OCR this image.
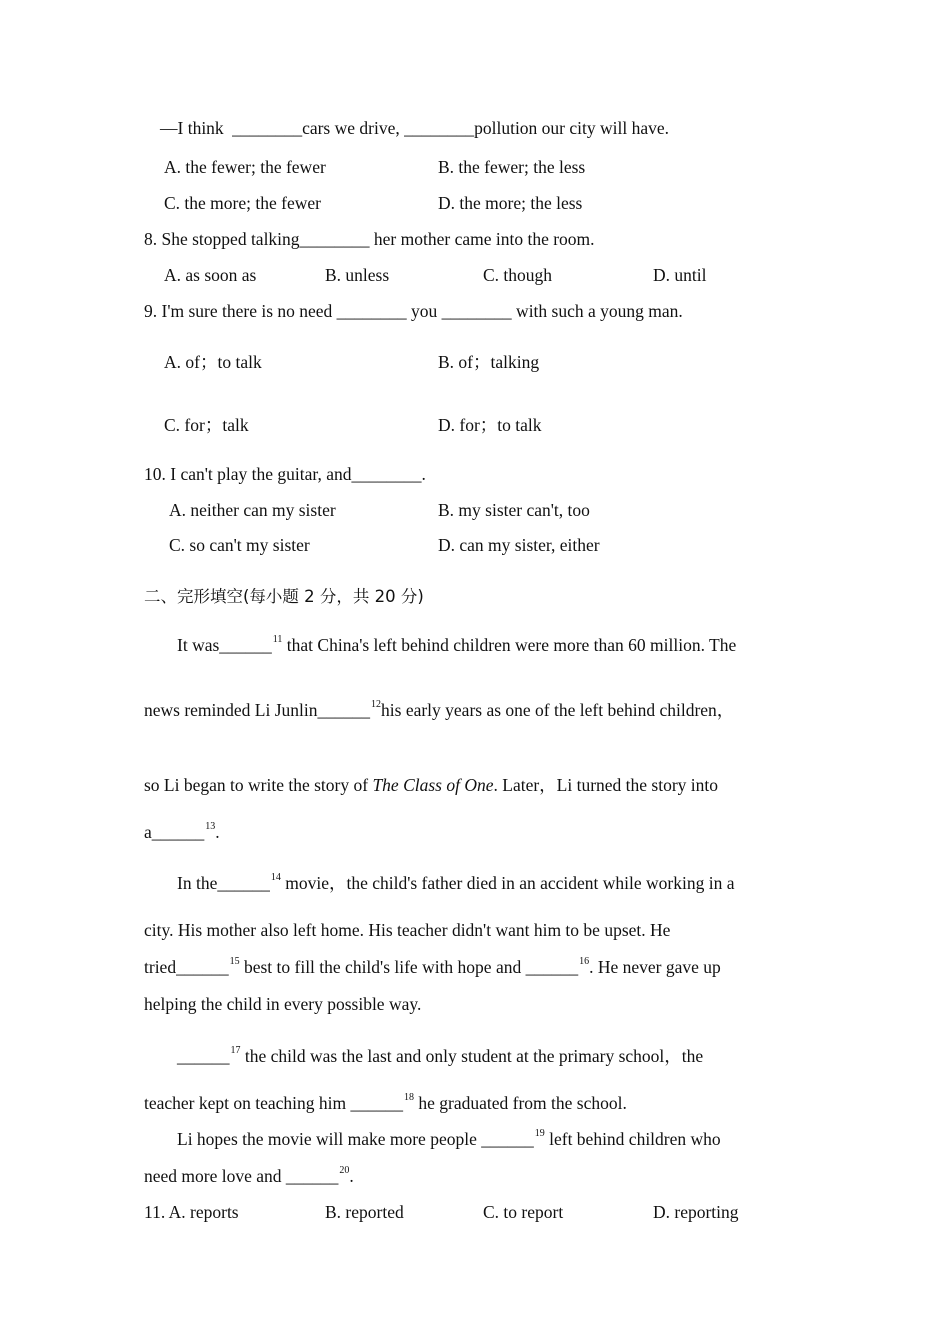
—I think ________cars we drive, ________pollution our city will have.
A. the fewer; the fewer	B. the fewer; the less
C. the more; the fewer	D. the more; the less
8. She stopped talking________ her mother came into the room.
A. as soon as	B. unless	C. though	D. until
9. I'm sure there is no need ________ you ________ with such a young man.
A. of；to talk	B. of；talking
C. for；talk	D. for；to talk
10. I can't play the guitar, and________.
A. neither can my sister	B. my sister can't, too
C. so can't my sister	D. can my sister, either
二、完形填空(每小题 2 分，共 20 分)
It was______$^{11}$ that China's left behind children were more than 60 million. The
news reminded Li Junlin______$^{12}$his early years as one of the left behind children，
so Li began to write the story of The Class of One. Later，Li turned the story into
a______$^{13}$.
In the______$^{14}$ movie，the child's father died in an accident while working in a
city. His mother also left home. His teacher didn't want him to be upset. He
tried______$^{15}$ best to fill the child's life with hope and ______$^{16}$. He never gave up
helping the child in every possible way.
______$^{17}$ the child was the last and only student at the primary school，the
teacher kept on teaching him ______$^{18}$ he graduated from the school.
Li hopes the movie will make more people ______$^{19}$ left behind children who
need more love and ______$^{20}$.
11. A. reports	B. reported	C. to report	D. reporting
